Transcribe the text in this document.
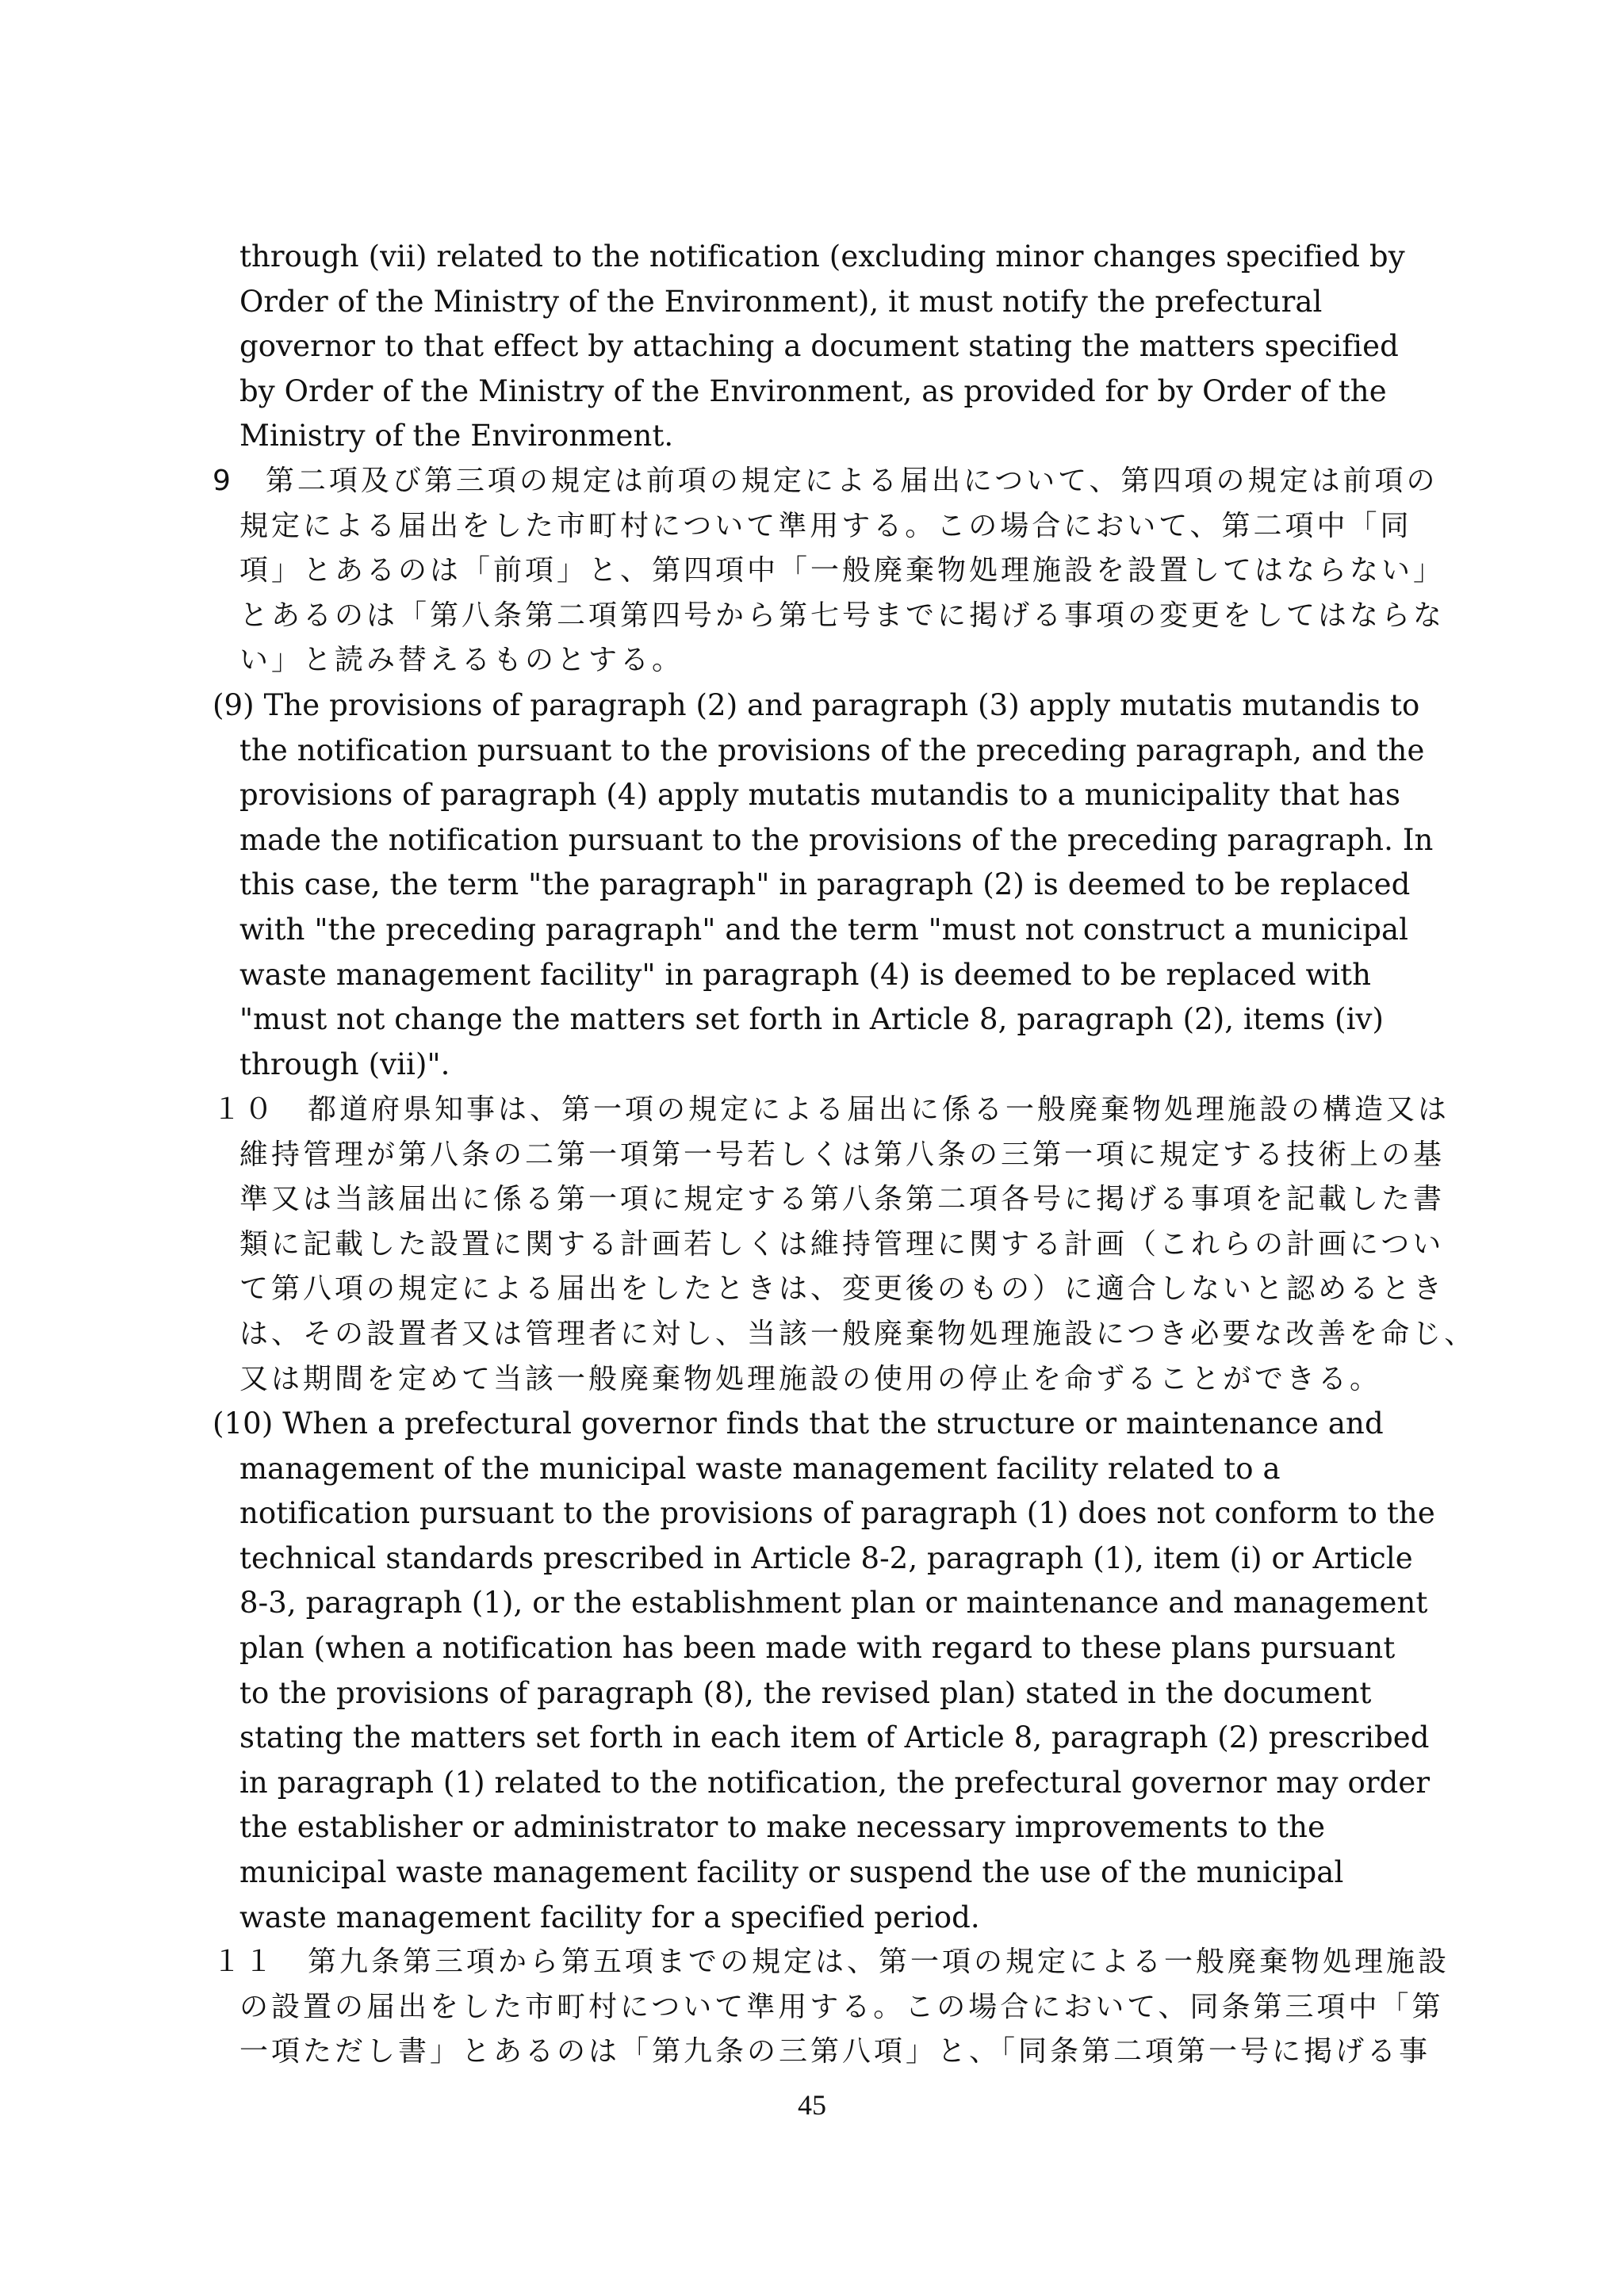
through (vii) related to the notification (excluding minor changes specified by
Order of the Ministry of the Environment), it must notify the prefectural
governor to that effect by attaching a document stating the matters specified
by Order of the Ministry of the Environment, as provided for by Order of the
Ministry of the Environment.
9　第二項及び第三項の規定は前項の規定による届出について、第四項の規定は前項の
規定による届出をした市町村について準用する。この場合において、第二項中「同
項」とあるのは「前項」と、第四項中「一般廃棄物処理施設を設置してはならない」
とあるのは「第八条第二項第四号から第七号までに掲げる事項の変更をしてはならな
い」と読み替えるものとする。
(9) The provisions of paragraph (2) and paragraph (3) apply mutatis mutandis to
the notification pursuant to the provisions of the preceding paragraph, and the
provisions of paragraph (4) apply mutatis mutandis to a municipality that has
made the notification pursuant to the provisions of the preceding paragraph. In
this case, the term "the paragraph" in paragraph (2) is deemed to be replaced
with "the preceding paragraph" and the term "must not construct a municipal
waste management facility" in paragraph (4) is deemed to be replaced with
"must not change the matters set forth in Article 8, paragraph (2), items (iv)
through (vii)".
１０　都道府県知事は、第一項の規定による届出に係る一般廃棄物処理施設の構造又は
維持管理が第八条の二第一項第一号若しくは第八条の三第一項に規定する技術上の基
準又は当該届出に係る第一項に規定する第八条第二項各号に掲げる事項を記載した書
類に記載した設置に関する計画若しくは維持管理に関する計画（これらの計画につい
て第八項の規定による届出をしたときは、変更後のもの）に適合しないと認めるとき
は、その設置者又は管理者に対し、当該一般廃棄物処理施設につき必要な改善を命じ、
又は期間を定めて当該一般廃棄物処理施設の使用の停止を命ずることができる。
(10) When a prefectural governor finds that the structure or maintenance and
management of the municipal waste management facility related to a
notification pursuant to the provisions of paragraph (1) does not conform to the
technical standards prescribed in Article 8-2, paragraph (1), item (i) or Article
8-3, paragraph (1), or the establishment plan or maintenance and management
plan (when a notification has been made with regard to these plans pursuant
to the provisions of paragraph (8), the revised plan) stated in the document
stating the matters set forth in each item of Article 8, paragraph (2) prescribed
in paragraph (1) related to the notification, the prefectural governor may order
the establisher or administrator to make necessary improvements to the
municipal waste management facility or suspend the use of the municipal
waste management facility for a specified period.
１１　第九条第三項から第五項までの規定は、第一項の規定による一般廃棄物処理施設
の設置の届出をした市町村について準用する。この場合において、同条第三項中「第
一項ただし書」とあるのは「第九条の三第八項」と、「同条第二項第一号に掲げる事
45
